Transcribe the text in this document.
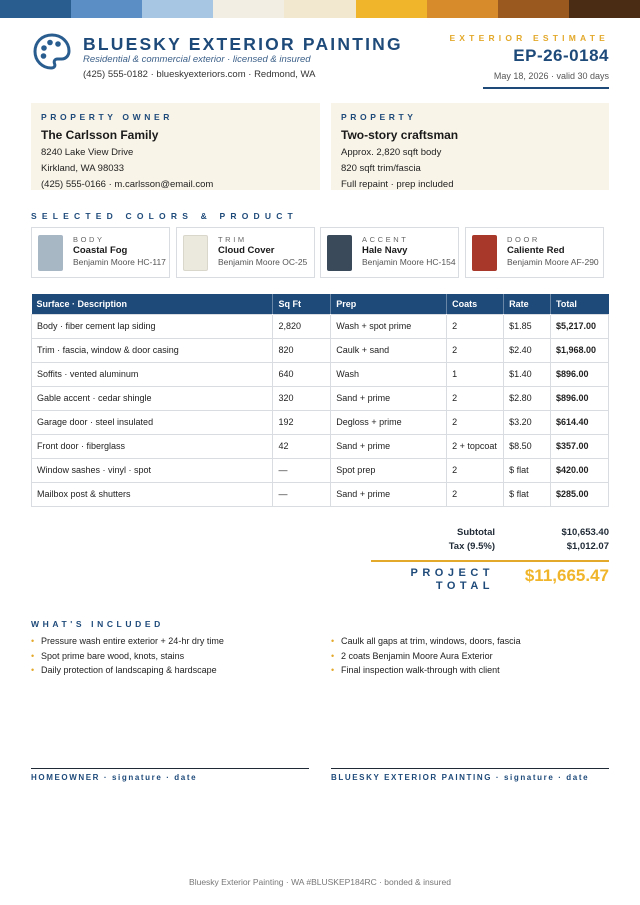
BLUESKY EXTERIOR PAINTING
Residential & commercial exterior · licensed & insured
(425) 555-0182 · blueskyexteriors.com · Redmond, WA
EXTERIOR ESTIMATE
EP-26-0184
May 18, 2026 · valid 30 days
PROPERTY OWNER
The Carlsson Family
8240 Lake View Drive
Kirkland, WA 98033
(425) 555-0166 · m.carlsson@email.com
PROPERTY
Two-story craftsman
Approx. 2,820 sqft body
820 sqft trim/fascia
Full repaint · prep included
SELECTED COLORS & PRODUCT
BODY
Coastal Fog
Benjamin Moore HC-117
TRIM
Cloud Cover
Benjamin Moore OC-25
ACCENT
Hale Navy
Benjamin Moore HC-154
DOOR
Caliente Red
Benjamin Moore AF-290
Surface · Description	Sq Ft	Prep	Coats	Rate	Total
Body · fiber cement lap siding	2,820	Wash + spot prime	2	$1.85	$5,217.00
Trim · fascia, window & door casing	820	Caulk + sand	2	$2.40	$1,968.00
Soffits · vented aluminum	640	Wash	1	$1.40	$896.00
Gable accent · cedar shingle	320	Sand + prime	2	$2.80	$896.00
Garage door · steel insulated	192	Degloss + prime	2	$3.20	$614.40
Front door · fiberglass	42	Sand + prime	2 + topcoat	$8.50	$357.00
Window sashes · vinyl · spot	—	Spot prep	2	$ flat	$420.00
Mailbox post & shutters	—	Sand + prime	2	$ flat	$285.00
Subtotal	$10,653.40
Tax (9.5%)	$1,012.07
PROJECT
TOTAL
$11,665.47
WHAT'S INCLUDED
• Pressure wash entire exterior + 24-hr dry time
• Spot prime bare wood, knots, stains
• Daily protection of landscaping & hardscape
• Caulk all gaps at trim, windows, doors, fascia
• 2 coats Benjamin Moore Aura Exterior
• Final inspection walk-through with client
HOMEOWNER · signature · date	BLUESKY EXTERIOR PAINTING · signature · date
Bluesky Exterior Painting · WA #BLUSKEP184RC · bonded & insured
